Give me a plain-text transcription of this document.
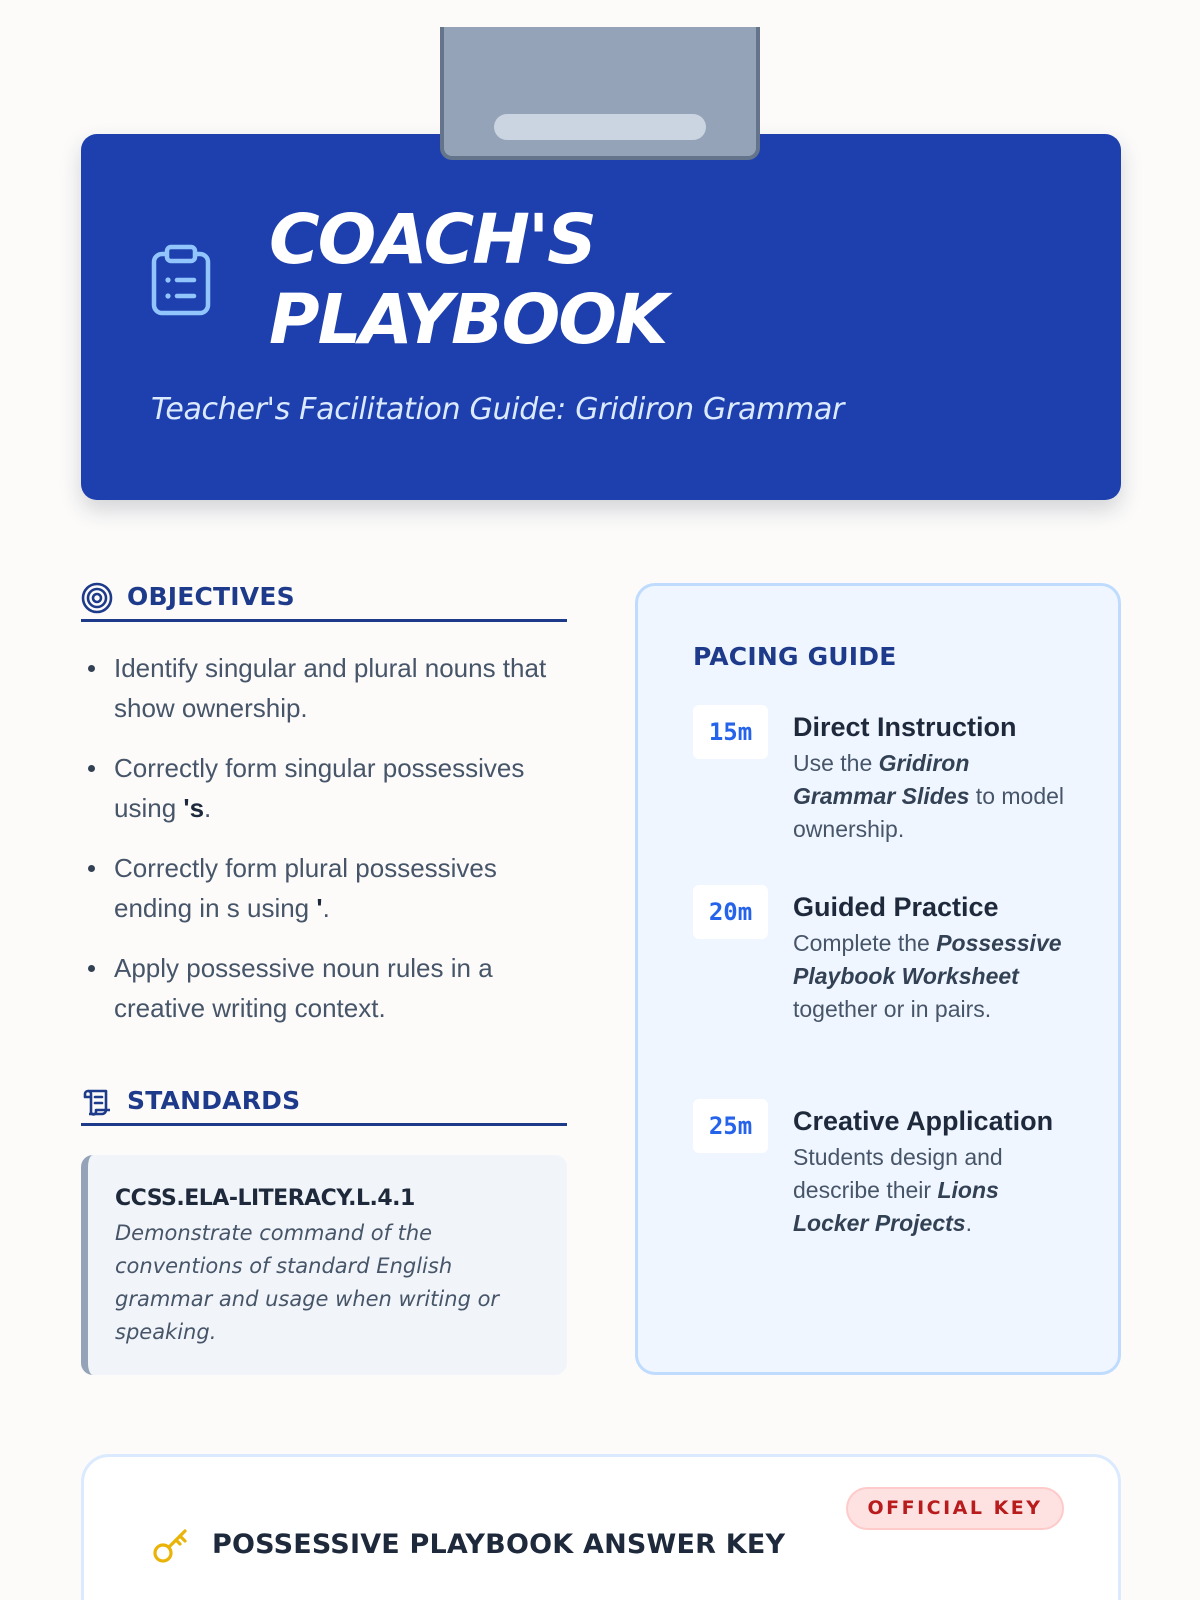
COACH'S
PLAYBOOK
Teacher's Facilitation Guide: Gridiron Grammar
OBJECTIVES
Identify singular and plural nouns that show ownership.
Correctly form singular possessives using 's.
Correctly form plural possessives ending in s using '.
Apply possessive noun rules in a creative writing context.
STANDARDS
CCSS.ELA-LITERACY.L.4.1
Demonstrate command of the conventions of standard English grammar and usage when writing or speaking.
PACING GUIDE
15m	Direct Instruction
Use the Gridiron Grammar Slides to model ownership.
20m	Guided Practice
Complete the Possessive Playbook Worksheet together or in pairs.
25m	Creative Application
Students design and describe their Lions Locker Projects.
OFFICIAL KEY
POSSESSIVE PLAYBOOK ANSWER KEY
